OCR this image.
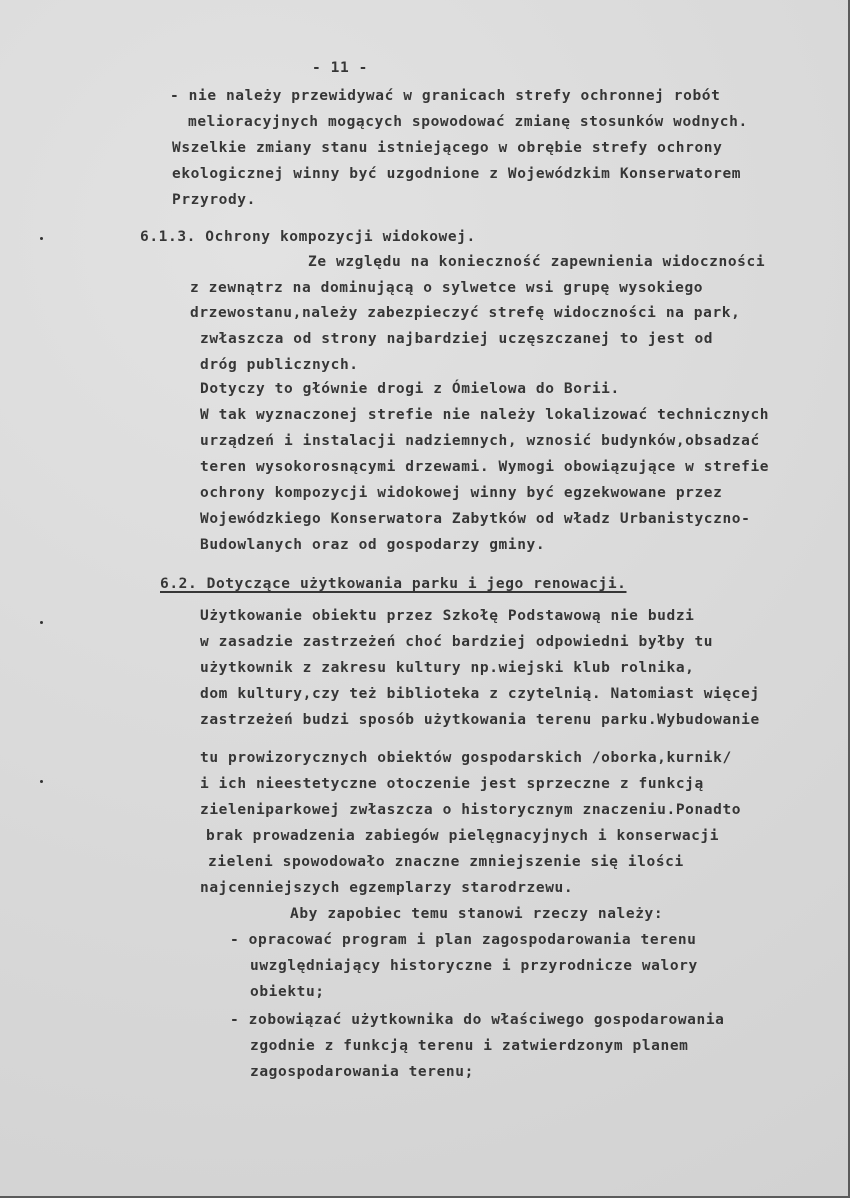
- 11 -
- nie należy przewidywać w granicach strefy ochronnej robót
melioracyjnych mogących spowodować zmianę stosunków wodnych.
Wszelkie zmiany stanu istniejącego w obrębie strefy ochrony
ekologicznej winny być uzgodnione z Wojewódzkim Konserwatorem
Przyrody.
6.1.3. Ochrony kompozycji widokowej.
Ze względu na konieczność zapewnienia widoczności
z zewnątrz na dominującą o sylwetce wsi grupę wysokiego
drzewostanu,należy zabezpieczyć strefę widoczności na park,
zwłaszcza od strony najbardziej uczęszczanej to jest od
dróg publicznych.
Dotyczy to głównie drogi z Ómielowa do Borii.
W tak wyznaczonej strefie nie należy lokalizować technicznych
urządzeń i instalacji nadziemnych, wznosić budynków,obsadzać
teren wysokorosnącymi drzewami. Wymogi obowiązujące w strefie
ochrony kompozycji widokowej winny być egzekwowane przez
Wojewódzkiego Konserwatora Zabytków od władz Urbanistyczno-
Budowlanych oraz od gospodarzy gminy.
6.2. Dotyczące użytkowania parku i jego renowacji.
Użytkowanie obiektu przez Szkołę Podstawową nie budzi
w zasadzie zastrzeżeń choć bardziej odpowiedni byłby tu
użytkownik z zakresu kultury np.wiejski klub rolnika,
dom kultury,czy też biblioteka z czytelnią. Natomiast więcej
zastrzeżeń budzi sposób użytkowania terenu parku.Wybudowanie
tu prowizorycznych obiektów gospodarskich /oborka,kurnik/
i ich nieestetyczne otoczenie jest sprzeczne z funkcją
zieleniparkowej zwłaszcza o historycznym znaczeniu.Ponadto
brak prowadzenia zabiegów pielęgnacyjnych i konserwacji
zieleni spowodowało znaczne zmniejszenie się ilości
najcenniejszych egzemplarzy starodrzewu.
Aby zapobiec temu stanowi rzeczy należy:
- opracować program i plan zagospodarowania terenu
uwzględniający historyczne i przyrodnicze walory
obiektu;
- zobowiązać użytkownika do właściwego gospodarowania
zgodnie z funkcją terenu i zatwierdzonym planem
zagospodarowania terenu;
